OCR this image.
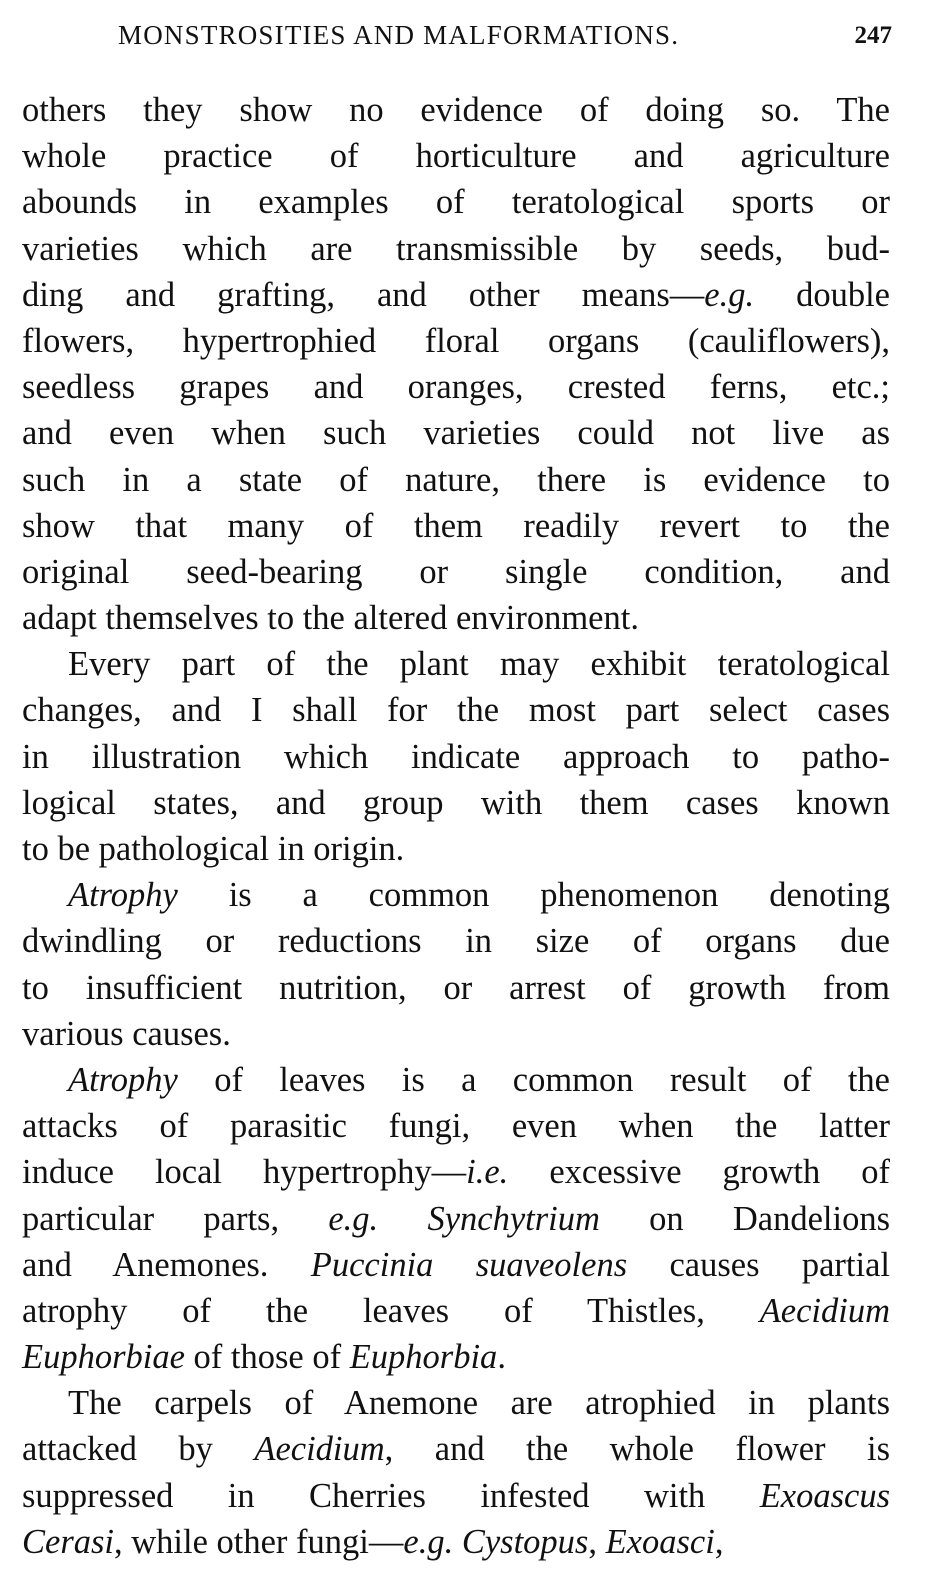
MONSTROSITIES AND MALFORMATIONS.	247
others they show no evidence of doing so. The
whole practice of horticulture and agriculture
abounds in examples of teratological sports or
varieties which are transmissible by seeds, bud-
ding and grafting, and other means—e.g. double
flowers, hypertrophied floral organs (cauliflowers),
seedless grapes and oranges, crested ferns, etc.;
and even when such varieties could not live as
such in a state of nature, there is evidence to
show that many of them readily revert to the
original seed-bearing or single condition, and
adapt themselves to the altered environment.
Every part of the plant may exhibit teratological
changes, and I shall for the most part select cases
in illustration which indicate approach to patho-
logical states, and group with them cases known
to be pathological in origin.
Atrophy is a common phenomenon denoting
dwindling or reductions in size of organs due
to insufficient nutrition, or arrest of growth from
various causes.
Atrophy of leaves is a common result of the
attacks of parasitic fungi, even when the latter
induce local hypertrophy—i.e. excessive growth of
particular parts, e.g. Synchytrium on Dandelions
and Anemones. Puccinia suaveolens causes partial
atrophy of the leaves of Thistles, Aecidium
Euphorbiae of those of Euphorbia.
The carpels of Anemone are atrophied in plants
attacked by Aecidium, and the whole flower is
suppressed in Cherries infested with Exoascus
Cerasi, while other fungi—e.g. Cystopus, Exoasci,
